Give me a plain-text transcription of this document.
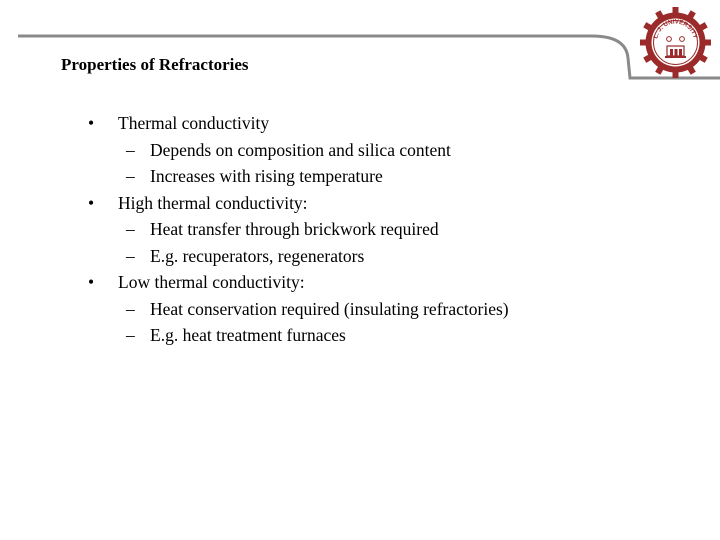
Properties of Refractories
L. J. UNIVERSITY
•	Thermal conductivity
– Depends on composition and silica content
– Increases with rising temperature
•	High thermal conductivity:
– Heat transfer through brickwork required
– E.g. recuperators, regenerators
•	Low thermal conductivity:
– Heat conservation required (insulating refractories)
– E.g. heat treatment furnaces
